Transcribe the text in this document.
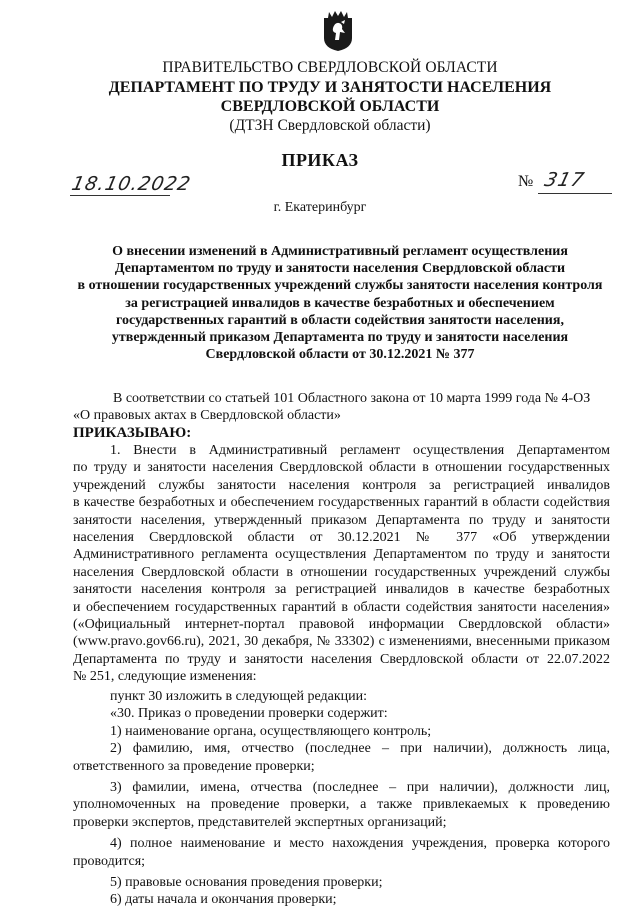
ПРАВИТЕЛЬСТВО СВЕРДЛОВСКОЙ ОБЛАСТИ
ДЕПАРТАМЕНТ ПО ТРУДУ И ЗАНЯТОСТИ НАСЕЛЕНИЯ
СВЕРДЛОВСКОЙ ОБЛАСТИ
(ДТЗН Свердловской области)
ПРИКАЗ
18.10.2022	№ 317
г. Екатеринбург
О внесении изменений в Административный регламент осуществления
Департаментом по труду и занятости населения Свердловской области
в отношении государственных учреждений службы занятости населения контроля
за регистрацией инвалидов в качестве безработных и обеспечением
государственных гарантий в области содействия занятости населения,
утвержденный приказом Департамента по труду и занятости населения
Свердловской области от 30.12.2021 № 377
В соответствии со статьей 101 Областного закона от 10 марта 1999 года № 4-ОЗ
«О правовых актах в Свердловской области»
ПРИКАЗЫВАЮ:
1. Внести в Административный регламент осуществления Департаментом
по труду и занятости населения Свердловской области в отношении государственных
учреждений службы занятости населения контроля за регистрацией инвалидов
в качестве безработных и обеспечением государственных гарантий в области содействия
занятости населения, утвержденный приказом Департамента по труду и занятости
населения Свердловской области от 30.12.2021 № 377 «Об утверждении
Административного регламента осуществления Департаментом по труду и занятости
населения Свердловской области в отношении государственных учреждений службы
занятости населения контроля за регистрацией инвалидов в качестве безработных
и обеспечением государственных гарантий в области содействия занятости населения»
(«Официальный интернет-портал правовой информации Свердловской области»
(www.pravo.gov66.ru), 2021, 30 декабря, № 33302) с изменениями, внесенными приказом
Департамента по труду и занятости населения Свердловской области от 22.07.2022
№ 251, следующие изменения:
пункт 30 изложить в следующей редакции:
«30. Приказ о проведении проверки содержит:
1) наименование органа, осуществляющего контроль;
2) фамилию, имя, отчество (последнее – при наличии), должность лица,
ответственного за проведение проверки;
3) фамилии, имена, отчества (последнее – при наличии), должности лиц,
уполномоченных на проведение проверки, а также привлекаемых к проведению
проверки экспертов, представителей экспертных организаций;
4) полное наименование и место нахождения учреждения, проверка которого
проводится;
5) правовые основания проведения проверки;
6) даты начала и окончания проверки;
